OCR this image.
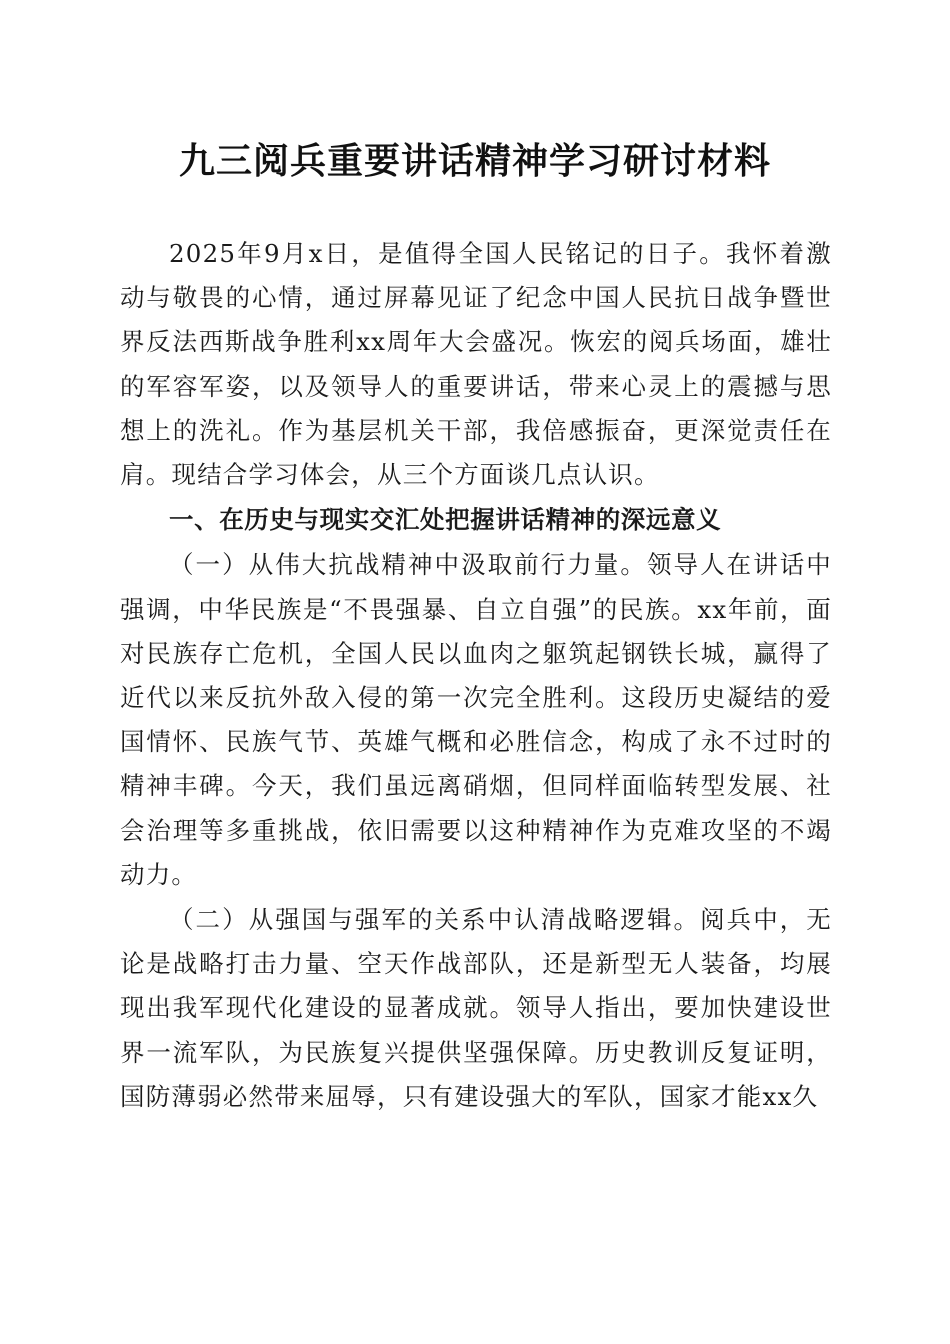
九三阅兵重要讲话精神学习研讨材料

2025年9月x日，是值得全国人民铭记的日子。我怀着激动与敬畏的心情，通过屏幕见证了纪念中国人民抗日战争暨世界反法西斯战争胜利xx周年大会盛况。恢宏的阅兵场面，雄壮的军容军姿，以及领导人的重要讲话，带来心灵上的震撼与思想上的洗礼。作为基层机关干部，我倍感振奋，更深觉责任在肩。现结合学习体会，从三个方面谈几点认识。

一、在历史与现实交汇处把握讲话精神的深远意义

（一）从伟大抗战精神中汲取前行力量。领导人在讲话中强调，中华民族是“不畏强暴、自立自强”的民族。xx年前，面对民族存亡危机，全国人民以血肉之躯筑起钢铁长城，赢得了近代以来反抗外敌入侵的第一次完全胜利。这段历史凝结的爱国情怀、民族气节、英雄气概和必胜信念，构成了永不过时的精神丰碑。今天，我们虽远离硝烟，但同样面临转型发展、社会治理等多重挑战，依旧需要以这种精神作为克难攻坚的不竭动力。

（二）从强国与强军的关系中认清战略逻辑。阅兵中，无论是战略打击力量、空天作战部队，还是新型无人装备，均展现出我军现代化建设的显著成就。领导人指出，要加快建设世界一流军队，为民族复兴提供坚强保障。历史教训反复证明，国防薄弱必然带来屈辱，只有建设强大的军队，国家才能xx久
